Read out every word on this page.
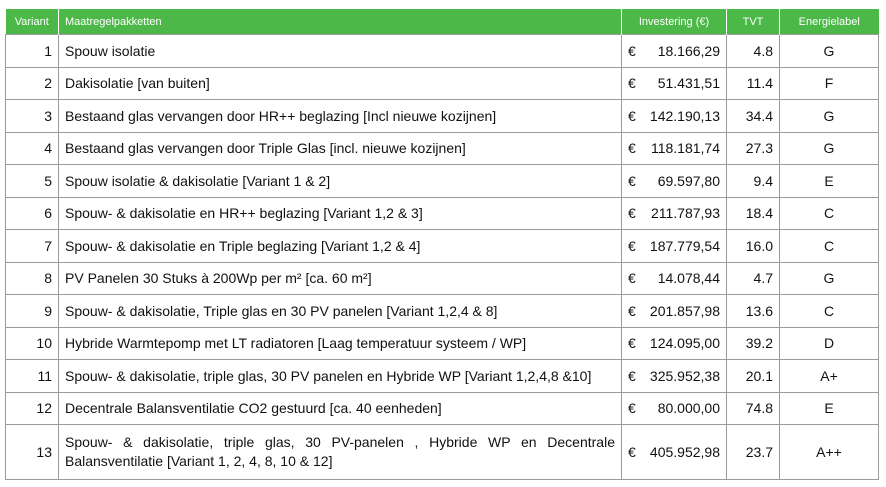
Variant	Maatregelpakketten	Investering (€)	TVT	Energielabel
1	Spouw isolatie	€ 18.166,29	4.8	G
2	Dakisolatie [van buiten]	€ 51.431,51	11.4	F
3	Bestaand glas vervangen door HR++ beglazing [Incl nieuwe kozijnen]	€ 142.190,13	34.4	G
4	Bestaand glas vervangen door Triple Glas [incl. nieuwe kozijnen]	€ 118.181,74	27.3	G
5	Spouw isolatie & dakisolatie [Variant 1 & 2]	€ 69.597,80	9.4	E
6	Spouw- & dakisolatie en HR++ beglazing [Variant 1,2 & 3]	€ 211.787,93	18.4	C
7	Spouw- & dakisolatie en Triple beglazing [Variant 1,2 & 4]	€ 187.779,54	16.0	C
8	PV Panelen 30 Stuks à 200Wp per m² [ca. 60 m²]	€ 14.078,44	4.7	G
9	Spouw- & dakisolatie, Triple glas en 30 PV panelen [Variant 1,2,4 & 8]	€ 201.857,98	13.6	C
10	Hybride Warmtepomp met LT radiatoren [Laag temperatuur systeem / WP]	€ 124.095,00	39.2	D
11	Spouw- & dakisolatie, triple glas, 30 PV panelen en Hybride WP [Variant 1,2,4,8 &10]	€ 325.952,38	20.1	A+
12	Decentrale Balansventilatie CO2 gestuurd [ca. 40 eenheden]	€ 80.000,00	74.8	E
13	Spouw- & dakisolatie, triple glas, 30 PV-panelen , Hybride WP en Decentrale Balansventilatie [Variant 1, 2, 4, 8, 10 & 12]	€ 405.952,98	23.7	A++
